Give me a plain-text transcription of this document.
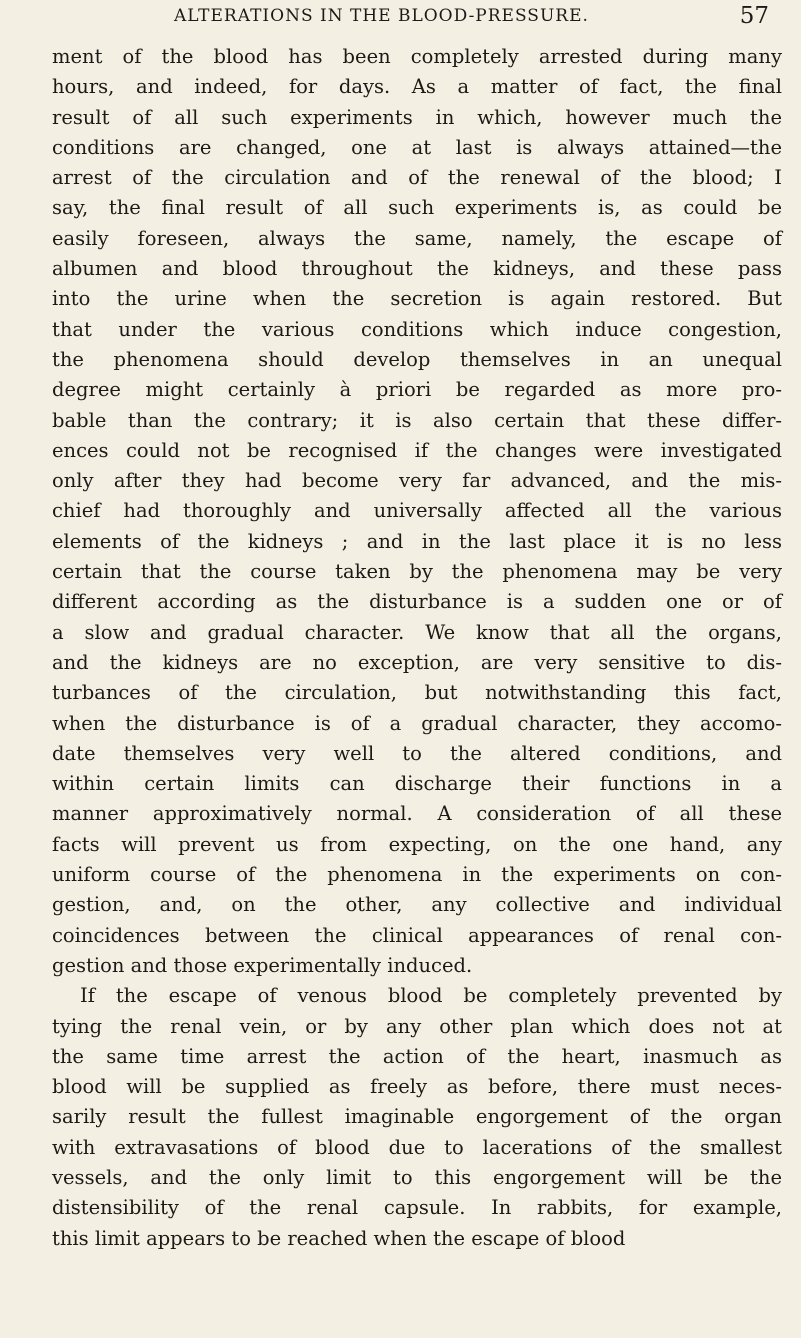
ALTERATIONS IN THE BLOOD-PRESSURE.	57
ment of the blood has been completely arrested during many
hours, and indeed, for days. As a matter of fact, the final
result of all such experiments in which, however much the
conditions are changed, one at last is always attained—the
arrest of the circulation and of the renewal of the blood; I
say, the final result of all such experiments is, as could be
easily foreseen, always the same, namely, the escape of
albumen and blood throughout the kidneys, and these pass
into the urine when the secretion is again restored. But
that under the various conditions which induce congestion,
the phenomena should develop themselves in an unequal
degree might certainly à priori be regarded as more pro-
bable than the contrary; it is also certain that these differ-
ences could not be recognised if the changes were investigated
only after they had become very far advanced, and the mis-
chief had thoroughly and universally affected all the various
elements of the kidneys ; and in the last place it is no less
certain that the course taken by the phenomena may be very
different according as the disturbance is a sudden one or of
a slow and gradual character. We know that all the organs,
and the kidneys are no exception, are very sensitive to dis-
turbances of the circulation, but notwithstanding this fact,
when the disturbance is of a gradual character, they accomo-
date themselves very well to the altered conditions, and
within certain limits can discharge their functions in a
manner approximatively normal. A consideration of all these
facts will prevent us from expecting, on the one hand, any
uniform course of the phenomena in the experiments on con-
gestion, and, on the other, any collective and individual
coincidences between the clinical appearances of renal con-
gestion and those experimentally induced.
If the escape of venous blood be completely prevented by
tying the renal vein, or by any other plan which does not at
the same time arrest the action of the heart, inasmuch as
blood will be supplied as freely as before, there must neces-
sarily result the fullest imaginable engorgement of the organ
with extravasations of blood due to lacerations of the smallest
vessels, and the only limit to this engorgement will be the
distensibility of the renal capsule. In rabbits, for example,
this limit appears to be reached when the escape of blood
